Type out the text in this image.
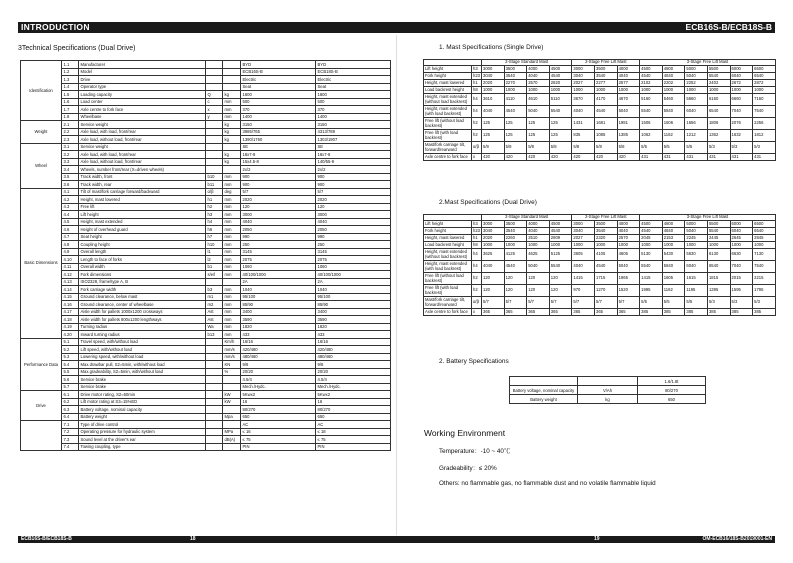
INTRODUCTION	ECB16S-B/ECB18S-B
3Technical Specifications (Dual Drive)
Identification	1.1	Manufacturer			BYD	BYD
	1.2	Model			ECB16S-B	ECB18S-B
	1.3	Drive			Electric	Electric
	1.4	Operator type			Seat	Seat
	1.5	Loading capacity	Q	kg	1600	1800
	1.6	Load center	c	mm	500	500
	1.7	Axle centre to fork face	x	mm	370	370
	1.8	Wheelbase	y	mm	1400	1400
Weight	2.1	Service weight		kg	3150	3150
	2.2	Axle load, with load, front/rear		kg	3985/765	4313/788
	2.3	Axle load, without load, front/rear		kg	1390/1760	1303/1907
Wheel	3.1	Service weight			SE	SE
	3.2	Axle load, with load, front/rear		kg	18x7-8	18x7-8
	3.3	Axle load, without load, front/rear		kg	15x4.5-8	140/55-9
	3.4	Wheels, number front/rear (X=driven wheels)			2x/2	2x/2
	3.5	Track width, front	b10	mm	900	900
	3.6	Track width, rear	b11	mm	900	900
Basic Dimensions	4.1	Tilt of mast/fork carriage forward/backward	α/β	deg	5/7	5/7
	4.2	Height, mast lowered	h1	mm	2020	2020
	4.3	Free lift	h2	mm	120	120
	4.4	Lift height	h3	mm	3000	3000
	4.5	Height, mast extended	h4	mm	4040	4040
	4.6	Height of overhead guard	h6	mm	2050	2050
	4.7	Seat height	h7	mm	990	990
	4.8	Coupling height	h10	mm	250	250
	4.9	Overall length	l1	mm	3145	3145
	4.10	Length to face of forks	l2	mm	2075	2075
	4.11	Overall width	b1	mm	1060	1060
	4.12	Fork dimensions	s/e/l	mm	40/100/1000	40/100/1000
	4.13	ISO2328, frame/type A, B			2A	2A
	4.14	Fork carriage width	b3	mm	1040	1040
	4.15	Ground clearance, below mast	m1	mm	95/100	95/100
	4.16	Ground clearance, center of wheelbase	m2	mm	85/90	85/90
	4.17	Aisle width for pallets 1000x1200 crossways	Ast	mm	3400	3400
	4.18	Aisle width for pallets 800x1200 lengthways	Ast	mm	3590	3590
	4.19	Turning radius	Wa	mm	1820	1820
	4.20	Inward turning radius	b13	mm	433	433
Performance Data	5.1	Travel speed, with/without load		Km/h	16/16	16/16
	5.2	Lift speed, with/without load		mm/s	420/480	420/480
	5.3	Lowering speed, with/without load		mm/s	480/460	480/460
	5.4	Max.drawbar pull, S2=5min, with/without load		KN	9/8	9/8
	5.5	Max.gradeability, S2=5min, with/without load		%	20/20	20/20
	5.6	Service brake			4.5/4	4.5/4
	5.7	Service brake			Mech./Hydc.	Mech./Hydc.
Drive	6.1	Drive motor rating, S2=60min		kW	5Kwx2	5Kwx2
	6.2	Lift motor rating at S3=15%ED		kW	16	16
	6.3	Battery voltage, nominal capacity			80/270	80/270
	6.4	Battery weight		Mpa	650	650
	7.1	Type of drive control			AC	AC
	7.2	Operating pressure for hydraulic system		MPa	≤ 16	≤ 18
	7.3	Sound level at the driver's ear		dB(A)	≤ 75	≤ 75
	7.4	Towing coupling, type			PIN	PIN
1. Mast Specifications (Single Drive)
		2-Stage Standard Mast				2-Stage Free Lift Mast			3-Stage Free Lift Mast					
Lift height	h3	3000	3500	4000	4500	3000	3500	4000	4500	4800	5000	5500	6000	6500
Fork height	h23	3040	3540	4040	4540	3040	3540	4040	4540	4840	5040	5540	6040	6540
Height, mast lowered	h1	2020	2270	2570	2820	2027	2277	2577	2102	2202	2252	2402	2672	2872
Load backrest height	h8	1000	1000	1000	1000	1000	1000	1000	1000	1000	1000	1000	1000	1000
Height, mast extended (without load backrest)	h4	3610	4110	4610	5110	3670	4170	4670	5160	5460	5660	6160	6660	7160
Height, mast extended (with load backrest)	h4	4040	4540	5040	5540	4040	4540	5040	5540	5840	6040	6540	7040	7540
Free lift (without load backrest)	h2	125	125	125	125	1431	1681	1981	1506	1606	1656	1806	2076	2256
Free lift (with load backrest)	h2	125	125	125	125	835	1085	1385	1062	1162	1212	1362	1632	1812
Mast/fork carriage tilt, forward/rearward	α/β	5/8	5/8	5/8	5/8	5/8	5/8	5/8	5/5	5/5	5/5	5/3	5/3	5/3
Axle centre to fork face	x	420	420	420	420	420	420	420	431	431	431	431	431	431
2.Mast Specifications (Dual Drive)
		2-Stage Standard Mast				2-Stage Free Lift Mast			3-Stage Free Lift Mast					
Lift height	h3	3000	3500	4000	4500	3000	3500	4000	4500	4800	5000	5500	6000	6500
Fork height	h23	3040	3540	4040	4540	3040	3540	4040	4540	4840	5040	5540	6040	6540
Height, mast lowered	h1	2020	2260	2510	2809	2027	2320	2570	2045	2153	2245	2445	2645	2845
Load backrest height	h8	1000	1000	1000	1000	1000	1000	1000	1000	1000	1000	1000	1000	1000
Height, mast extended (without load backrest)	h4	3625	4125	4625	5125	3605	4105	4605	5130	5430	5630	6130	6630	7130
Height, mast extended (with load backrest)	h4	4040	4540	5040	5540	4040	4540	5040	5540	5840	6040	6540	7040	7540
Free lift (without load backrest)	h2	120	120	120	120	1415	1715	1965	1415	1605	1615	1815	2015	2215
Free lift (with load backrest)	h2	120	120	120	120	970	1270	1520	1995	1162	1195	1395	1595	1795
Mast/fork carriage tilt, forward/rearward	α/β	5/7	5/7	5/7	5/7	5/7	5/7	5/7	5/5	5/5	5/5	5/3	5/3	5/3
Axle centre to fork face	x	365	365	365	365	365	365	365	385	385	385	385	385	385
2. Battery Specifications
		1.6/1.8t
Battery voltage, nominal capacity	V/Ah	80/270
Battery weight	kg	650
Working Environment
Temperature：-10 ~ 40℃
Gradeability：≤ 20%
Others: no flammable gas, no flammable dust and no volatile flammable liquid
ECB16S-B/ECB18S-B	18	19	OM-ECB16/18S-B2019001-EN
